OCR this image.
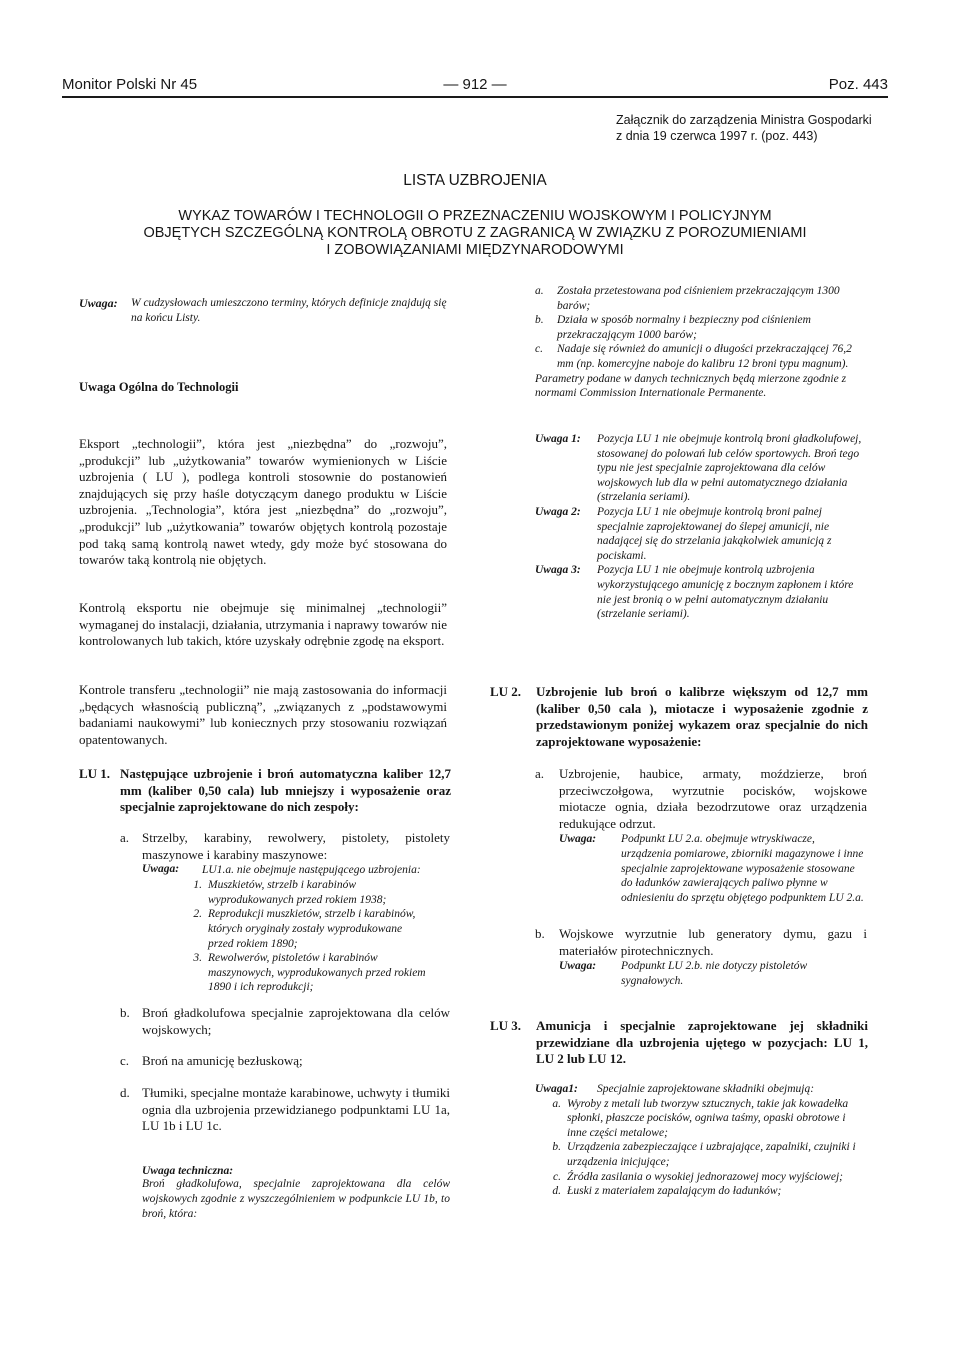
Monitor Polski Nr 45	— 912 —	Poz. 443
Załącznik do zarządzenia Ministra Gospodarki
z dnia 19 czerwca 1997 r. (poz. 443)
LISTA UZBROJENIA
WYKAZ TOWARÓW I TECHNOLOGII O PRZEZNACZENIU WOJSKOWYM I POLICYJNYM
OBJĘTYCH SZCZEGÓLNĄ KONTROLĄ OBROTU Z ZAGRANICĄ W ZWIĄZKU Z POROZUMIENIAMI
I ZOBOWIĄZANIAMI MIĘDZYNARODOWYMI
Uwaga:	W cudzysłowach umieszczono terminy, których definicje znajdują się na końcu Listy.
Uwaga Ogólna do Technologii
Eksport „technologii”, która jest „niezbędna” do „rozwoju”, „produkcji” lub „użytkowania” towarów wymienionych w Liście uzbrojenia ( LU ), podlega kontroli stosownie do postanowień znajdujących się przy haśle dotyczącym danego produktu w Liście uzbrojenia. „Technologia”, która jest „niezbędna” do „rozwoju”, „produkcji” lub „użytkowania” towarów objętych kontrolą pozostaje pod taką samą kontrolą nawet wtedy, gdy może być stosowana do towarów taką kontrolą nie objętych.
Kontrolą eksportu nie obejmuje się minimalnej „technologii” wymaganej do instalacji, działania, utrzymania i naprawy towarów nie kontrolowanych lub takich, które uzyskały odrębnie zgodę na eksport.
Kontrole transferu „technologii” nie mają zastosowania do informacji „będących własnością publiczną”, „związanych z „podstawowymi badaniami naukowymi” lub koniecznych przy stosowaniu rozwiązań opatentowanych.
LU 1. Następujące uzbrojenie i broń automatyczna kaliber 12,7 mm (kaliber 0,50 cala) lub mniejszy i wyposażenie oraz specjalnie zaprojektowane do nich zespoły:
a. Strzelby, karabiny, rewolwery, pistolety, pistolety maszynowe i karabiny maszynowe:
Uwaga:	LU1.a. nie obejmuje następującego uzbrojenia:
1. Muszkietów, strzelb i karabinów wyprodukowanych przed rokiem 1938;
2. Reprodukcji muszkietów, strzelb i karabinów, których oryginały zostały wyprodukowane przed rokiem 1890;
3. Rewolwerów, pistoletów i karabinów maszynowych, wyprodukowanych przed rokiem 1890 i ich reprodukcji;
b. Broń gładkolufowa specjalnie zaprojektowana dla celów wojskowych;
c. Broń na amunicję bezłuskową;
d. Tłumiki, specjalne montaże karabinowe, uchwyty i tłumiki ognia dla uzbrojenia przewidzianego podpunktami LU 1a, LU 1b i LU 1c.
Uwaga techniczna:
Broń gładkolufowa, specjalnie zaprojektowana dla celów wojskowych zgodnie z wyszczególnieniem w podpunkcie LU 1b, to broń, która:
a.	Została przetestowana pod ciśnieniem przekraczającym 1300 barów;
b.	Działa w sposób normalny i bezpieczny pod ciśnieniem przekraczającym 1000 barów;
c.	Nadaje się również do amunicji o długości przekraczającej 76,2 mm (np. komercyjne naboje do kalibru 12 broni typu magnum).
Parametry podane w danych technicznych będą mierzone zgodnie z normami Commission Internationale Permanente.
Uwaga 1:	Pozycja LU 1 nie obejmuje kontrolą broni gładkolufowej, stosowanej do polowań lub celów sportowych. Broń tego typu nie jest specjalnie zaprojektowana dla celów wojskowych lub dla w pełni automatycznego działania (strzelania seriami).
Uwaga 2:	Pozycja LU 1 nie obejmuje kontrolą broni palnej specjalnie zaprojektowanej do ślepej amunicji, nie nadającej się do strzelania jakąkolwiek amunicją z pociskami.
Uwaga 3:	Pozycja LU 1 nie obejmuje kontrolą uzbrojenia wykorzystującego amunicję z bocznym zapłonem i które nie jest bronią o w pełni automatycznym działaniu (strzelanie seriami).
LU 2.	Uzbrojenie lub broń o kalibrze większym od 12,7 mm (kaliber 0,50 cala ), miotacze i wyposażenie zgodnie z przedstawionym poniżej wykazem oraz specjalnie do nich zaprojektowane wyposażenie:
a.	Uzbrojenie, haubice, armaty, moździerze, broń przeciwczołgowa, wyrzutnie pocisków, wojskowe miotacze ognia, działa bezodrzutowe oraz urządzenia redukujące odrzut.
Uwaga:	Podpunkt LU 2.a. obejmuje wtryskiwacze, urządzenia pomiarowe, zbiorniki magazynowe i inne specjalnie zaprojektowane wyposażenie stosowane do ładunków zawierających paliwo płynne w odniesieniu do sprzętu objętego podpunktem LU 2.a.
b.	Wojskowe wyrzutnie lub generatory dymu, gazu i materiałów pirotechnicznych.
Uwaga:	Podpunkt LU 2.b. nie dotyczy pistoletów sygnałowych.
LU 3.	Amunicja i specjalnie zaprojektowane jej składniki przewidziane dla uzbrojenia ujętego w pozycjach: LU 1, LU 2 lub LU 12.
Uwaga1:	Specjalnie zaprojektowane składniki obejmują:
a. Wyroby z metali lub tworzyw sztucznych, takie jak kowadełka spłonki, płaszcze pocisków, ogniwa taśmy, opaski obrotowe i inne części metalowe;
b. Urządzenia zabezpieczające i uzbrajające, zapalniki, czujniki i urządzenia inicjujące;
c. Źródła zasilania o wysokiej jednorazowej mocy wyjściowej;
d. Łuski z materiałem zapalającym do ładunków;
